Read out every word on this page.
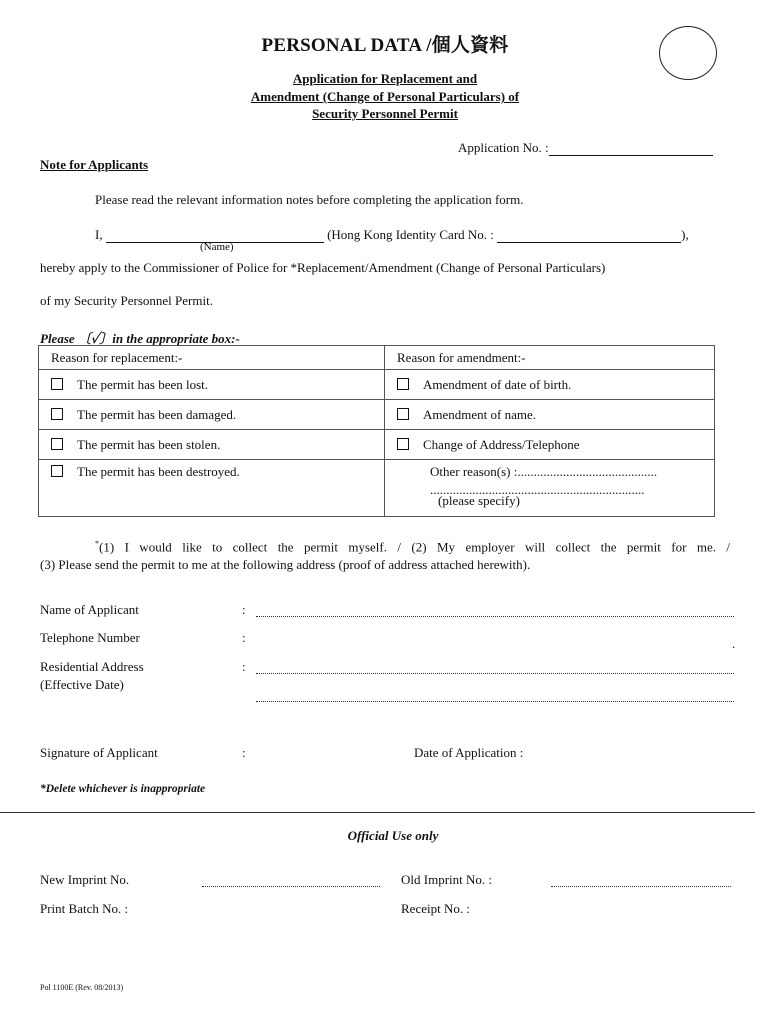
PERSONAL DATA /個人資料
Application for Replacement and
Amendment (Change of Personal Particulars) of
Security Personnel Permit
Application No. :
Note for Applicants
Please read the relevant information notes before completing the application form.
I,	(Hong Kong Identity Card No. :	),
(Name)
hereby apply to the Commissioner of Police for *Replacement/Amendment (Change of Personal Particulars)
of my Security Personnel Permit.
Please 〔✓〕in the appropriate box:-
Reason for replacement:-	Reason for amendment:-
The permit has been lost.	Amendment of date of birth.
The permit has been damaged.	Amendment of name.
The permit has been stolen.	Change of Address/Telephone
The permit has been destroyed.	Other reason(s) :...........................................
..................................................................
(please specify)
*(1) I would like to collect the permit myself. / (2) My employer will collect the permit for me. /
(3) Please send the permit to me at the following address (proof of address attached herewith).
Name of Applicant	:
Telephone Number	:	.
Residential Address
(Effective Date)
:
Signature of Applicant	:	Date of Application :
*Delete whichever is inappropriate
Official Use only
New Imprint No.	Old Imprint No. :
Print Batch No. :	Receipt No. :
Pol 1100E (Rev. 08/2013)
